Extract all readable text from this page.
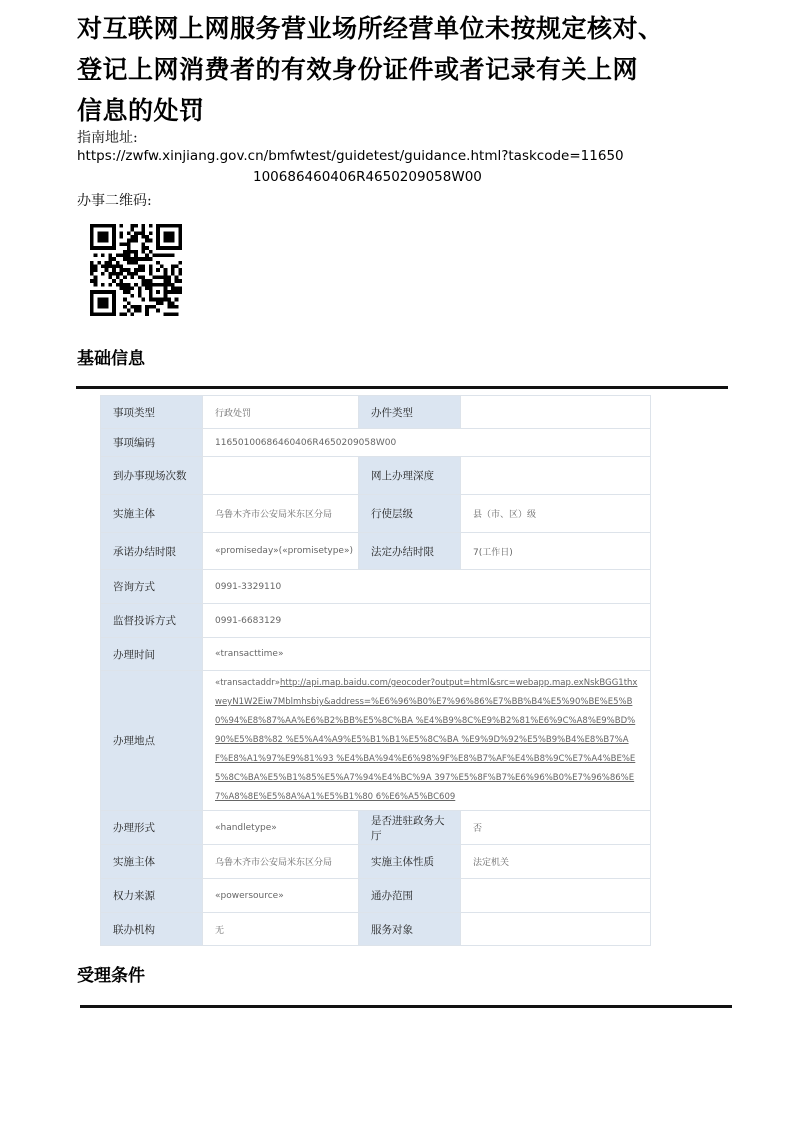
对互联网上网服务营业场所经营单位未按规定核对、
登记上网消费者的有效身份证件或者记录有关上网
信息的处罚
指南地址:
https://zwfw.xinjiang.gov.cn/bmfwtest/guidetest/guidance.html?taskcode=11650
100686460406R4650209058W00
办事二维码:
基础信息
事项类型	行政处罚	办件类型	
事项编码	11650100686460406R4650209058W00		
到办事现场次数		网上办理深度	
实施主体	乌鲁木齐市公安局米东区分局	行使层级	县（市、区）级
承诺办结时限	«promiseday»(«promisetype»)	法定办结时限	7(工作日)
咨询方式	0991-3329110		
监督投诉方式	0991-6683129		
办理时间	«transacttime»		
办理地点	«transactaddr»http://api.map.baidu.com/geocoder?output=html&src=webapp.map.exNskBGG1thxweyN1W2Eiw7Mblmhsbiy&address=%E6%96%B0%E7%96%86%E7%BB%B4%E5%90%BE%E5%B0%94%E8%87%AA%E6%B2%BB%E5%8C%BA %E4%B9%8C%E9%B2%81%E6%9C%A8%E9%BD%90%E5%B8%82 %E5%A4%A9%E5%B1%B1%E5%8C%BA %E9%9D%92%E5%B9%B4%E8%B7%AF%E8%A1%97%E9%81%93 %E4%BA%94%E6%98%9F%E8%B7%AF%E4%B8%9C%E7%A4%BE%E5%8C%BA%E5%B1%85%E5%A7%94%E4%BC%9A 397%E5%8F%B7%E6%96%B0%E7%96%86%E7%A8%8E%E5%8A%A1%E5%B1%80 6%E6%A5%BC609		
办理形式	«handletype»	是否进驻政务大厅	否
实施主体	乌鲁木齐市公安局米东区分局	实施主体性质	法定机关
权力来源	«powersource»	通办范围	
联办机构	无	服务对象	
受理条件
